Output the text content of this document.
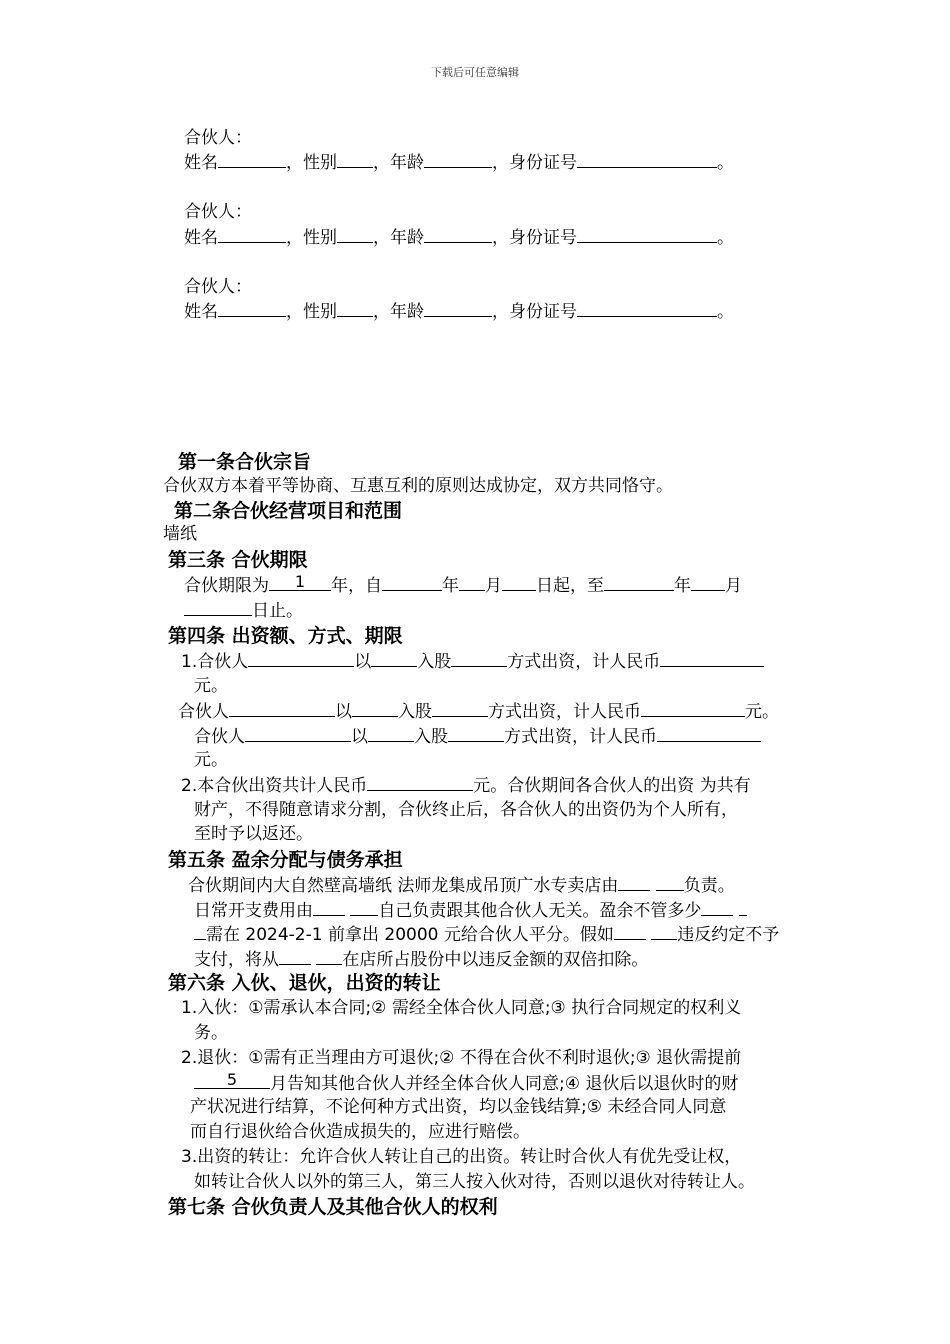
下载后可任意编辑
合伙人：
姓名	，性别 ，年龄	，身份证号	。
合伙人：
姓名	，性别 ，年龄	，身份证号	。
合伙人：
姓名	，性别 ，年龄	，身份证号	。
第一条合伙宗旨
合伙双方本着平等协商、互惠互利的原则达成协定，双方共同恪守。
第二条合伙经营项目和范围
墙纸
第三条 合伙期限
合伙期限为	1	年，自	年 月 日起，至	年 月
日止。
第四条 出资额、方式、期限
1.合伙人	以	入股	方式出资，计人民币
元。
合伙人	以	入股	方式出资，计人民币	元。
合伙人	以	入股	方式出资，计人民币
元。
2.本合伙出资共计人民币	元。合伙期间各合伙人的出资 为共有
财产，不得随意请求分割，合伙终止后，各合伙人的出资仍为个人所有，
至时予以返还。
第五条 盈余分配与债务承担
合伙期间内大自然壁高墙纸 法师龙集成吊顶广水专卖店由	负责。
日常开支费用由	自己负责跟其他合伙人无关。盈余不管多少
需在 2024-2-1 前拿出 20000 元给合伙人平分。假如	违反约定不予
支付，将从	在店所占股份中以违反金额的双倍扣除。
第六条 入伙、退伙，出资的转让
1.入伙：①需承认本合同;② 需经全体合伙人同意;③ 执行合同规定的权利义
务。
2.退伙：①需有正当理由方可退伙;② 不得在合伙不利时退伙;③ 退伙需提前
5	月告知其他合伙人并经全体合伙人同意;④ 退伙后以退伙时的财
产状况进行结算，不论何种方式出资，均以金钱结算;⑤ 未经合同人同意
而自行退伙给合伙造成损失的，应进行赔偿。
3.出资的转让：允许合伙人转让自己的出资。转让时合伙人有优先受让权，
如转让合伙人以外的第三人，第三人按入伙对待，否则以退伙对待转让人。
第七条 合伙负责人及其他合伙人的权利
